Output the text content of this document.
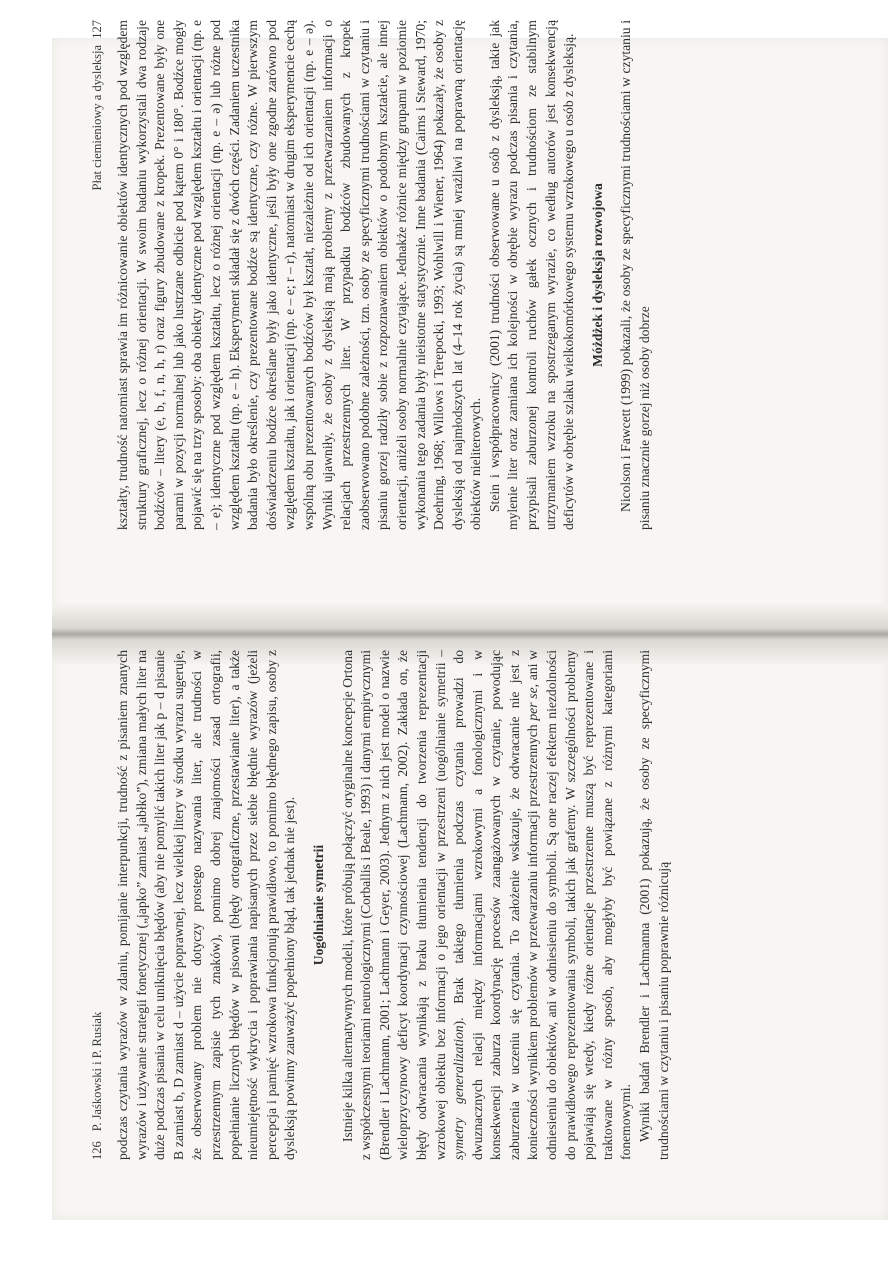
126P. Jaśkowski i P. Rusiak podczas czytania wyrazów w zdaniu, pomijanie interpunkcji, trudność z pisaniem znanych wyrazów i używanie strategii fonetycznej („japko” zamiast „jabłko”), zmiana małych liter na duże podczas pisania w celu uniknięcia błędów (aby nie pomylić takich liter jak p – d pisanie B zamiast b, D zamiast d – użycie poprawnej, lecz wielkiej litery w środku wyrazu sugeruje, że obserwowany problem nie dotyczy prostego nazywania liter, ale trudności w przestrzennym zapisie tych znaków), pomimo dobrej znajomości zasad ortografii, popełnianie licznych błędów w pisowni (błędy ortograficzne, przestawianie liter), a także nieumiejętność wykrycia i poprawiania napisanych przez siebie błędnie wyrazów (jeżeli percepcja i pamięć wzrokowa funkcjonują prawidłowo, to pomimo błędnego zapisu, osoby z dysleksją powinny zauważyć popełniony błąd, tak jednak nie jest). Uogólnianie symetrii Istnieje kilka alternatywnych modeli, które próbują połączyć oryginalne koncepcje Ortona z współczesnymi teoriami neurologicznymi (Corballis i Beale, 1993) i danymi empirycznymi (Brendler i Lachmann, 2001; Lachmann i Geyer, 2003). Jednym z nich jest model o nazwie wieloprzyczynowy deficyt koordynacji czynnościowej (Lachmann, 2002). Zakłada on, że błędy odwracania wynikają z braku tłumienia tendencji do tworzenia reprezentacji wzrokowej obiektu bez informacji o jego orientacji w przestrzeni (uogólnianie symetrii – symetry generalization). Brak takiego tłumienia podczas czytania prowadzi do dwuznacznych relacji między informacjami wzrokowymi a fonologicznymi i w konsekwencji zaburza koordynację procesów zaangażowanych w czytanie, powodując zaburzenia w uczeniu się czytania. To założenie wskazuje, że odwracanie nie jest z konieczności wynikiem problemów w przetwarzaniu informacji przestrzennych per se, ani w odniesieniu do obiektów, ani w odniesieniu do symboli. Są one raczej efektem niezdolności do prawidłowego reprezentowania symboli, takich jak grafemy. W szczególności problemy pojawiają się wtedy, kiedy różne orientacje przestrzenne muszą być reprezentowane i traktowane w różny sposób, aby mogłyby być powiązane z różnymi kategoriami fonemowymi. Wyniki badań Brendler i Lachmanna (2001) pokazują, że osoby ze specyficznymi trudnościami w czytaniu i pisaniu poprawnie różnicują

Płat ciemieniowy a dysleksja  127 kształty, trudność natomiast sprawia im różnicowanie obiektów identycznych pod względem struktury graficznej, lecz o różnej orientacji. W swoim badaniu wykorzystali dwa rodzaje bodźców – litery (e, b, f, n, h, r) oraz figury zbudowane z kropek. Prezentowane były one parami w pozycji normalnej lub jako lustrzane odbicie pod kątem 0° i 180°. Bodźce mogły pojawić się na trzy sposoby: oba obiekty identyczne pod względem kształtu i orientacji (np. e – e); identyczne pod względem kształtu, lecz o różnej orientacji (np. e – ə) lub różne pod względem kształtu (np. e – h). Eksperyment składał się z dwóch części. Zadaniem uczestnika badania było określenie, czy prezentowane bodźce są identyczne, czy różne. W pierwszym doświadczeniu bodźce określane były jako identyczne, jeśli były one zgodne zarówno pod względem kształtu, jak i orientacji (np. e – e; r – r), natomiast w drugim eksperymencie cechą wspólną obu prezentowanych bodźców był kształt, niezależnie od ich orientacji (np. e – ə). Wyniki ujawniły, że osoby z dysleksją mają problemy z przetwarzaniem informacji o relacjach przestrzennych liter. W przypadku bodźców zbudowanych z kropek zaobserwowano podobne zależności, tzn. osoby ze specyficznymi trudnościami w czytaniu i pisaniu gorzej radziły sobie z rozpoznawaniem obiektów o podobnym kształcie, ale innej orientacji, aniżeli osoby normalnie czytające. Jednakże różnice między grupami w poziomie wykonania tego zadania były nieistotne statystycznie. Inne badania (Cairns i Steward, 1970; Doehring, 1968; Willows i Terepocki, 1993; Wohlwill i Wiener, 1964) pokazały, że osoby z dysleksją od najmłodszych lat (4–14 rok życia) są mniej wrażliwi na poprawną orientację obiektów nieliterowych. Stein i współpracownicy (2001) trudności obserwowane u osób z dysleksją, takie jak mylenie liter oraz zamiana ich kolejności w obrębie wyrazu podczas pisania i czytania, przypisali zaburzonej kontroli ruchów gałek ocznych i trudnościom ze stabilnym utrzymaniem wzroku na spostrzeganym wyrazie, co według autorów jest konsekwencją deficytów w obrębie szlaku wielkokomórkowego systemu wzrokowego u osób z dysleksją. Móżdżek i dysleksja rozwojowa Nicolson i Fawcett (1999) pokazali, że osoby ze specyficznymi trudnościami w czytaniu i pisaniu znacznie gorzej niż osoby dobrze
